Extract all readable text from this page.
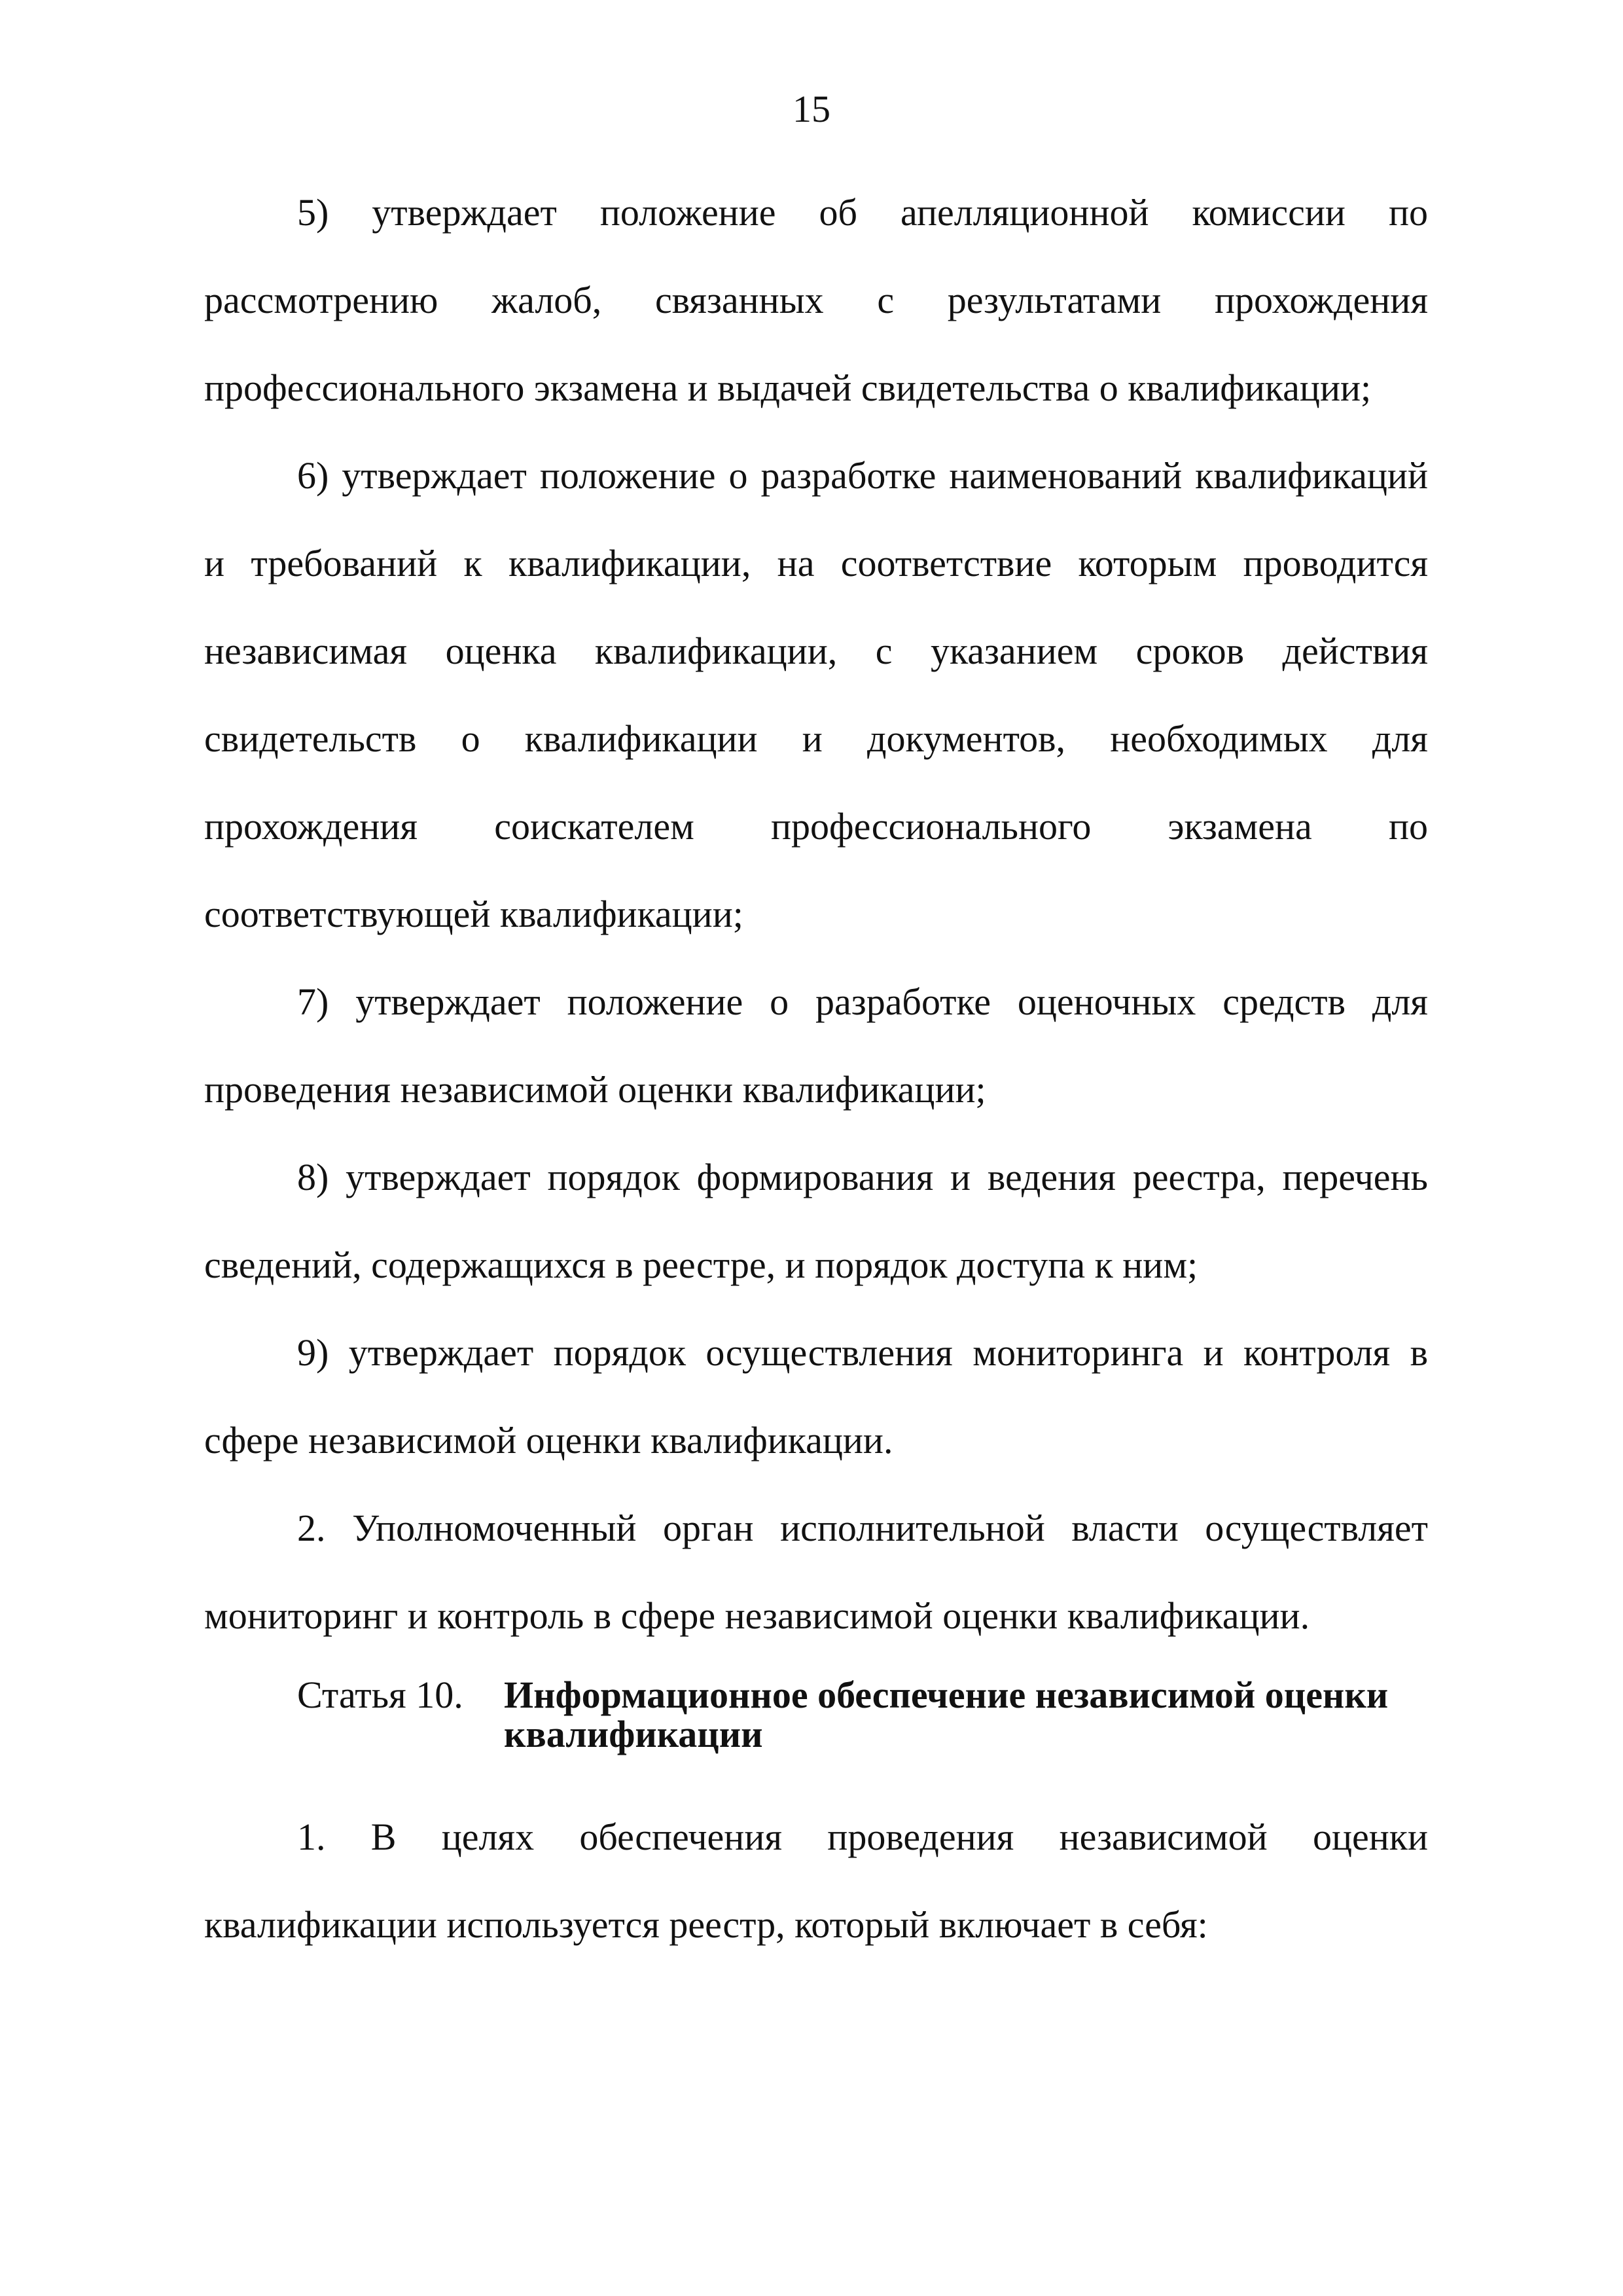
15

5) утверждает положение об апелляционной комиссии по рассмотрению жалоб, связанных с результатами прохождения профессионального экзамена и выдачей свидетельства о квалификации;

6) утверждает положение о разработке наименований квалификаций и требований к квалификации, на соответствие которым проводится независимая оценка квалификации, с указанием сроков действия свидетельств о квалификации и документов, необходимых для прохождения соискателем профессионального экзамена по соответствующей квалификации;

7) утверждает положение о разработке оценочных средств для проведения независимой оценки квалификации;

8) утверждает порядок формирования и ведения реестра, перечень сведений, содержащихся в реестре, и порядок доступа к ним;

9) утверждает порядок осуществления мониторинга и контроля в сфере независимой оценки квалификации.

2. Уполномоченный орган исполнительной власти осуществляет мониторинг и контроль в сфере независимой оценки квалификации.

Статья 10.	Информационное обеспечение независимой оценки квалификации

1. В целях обеспечения проведения независимой оценки квалификации используется реестр, который включает в себя:
